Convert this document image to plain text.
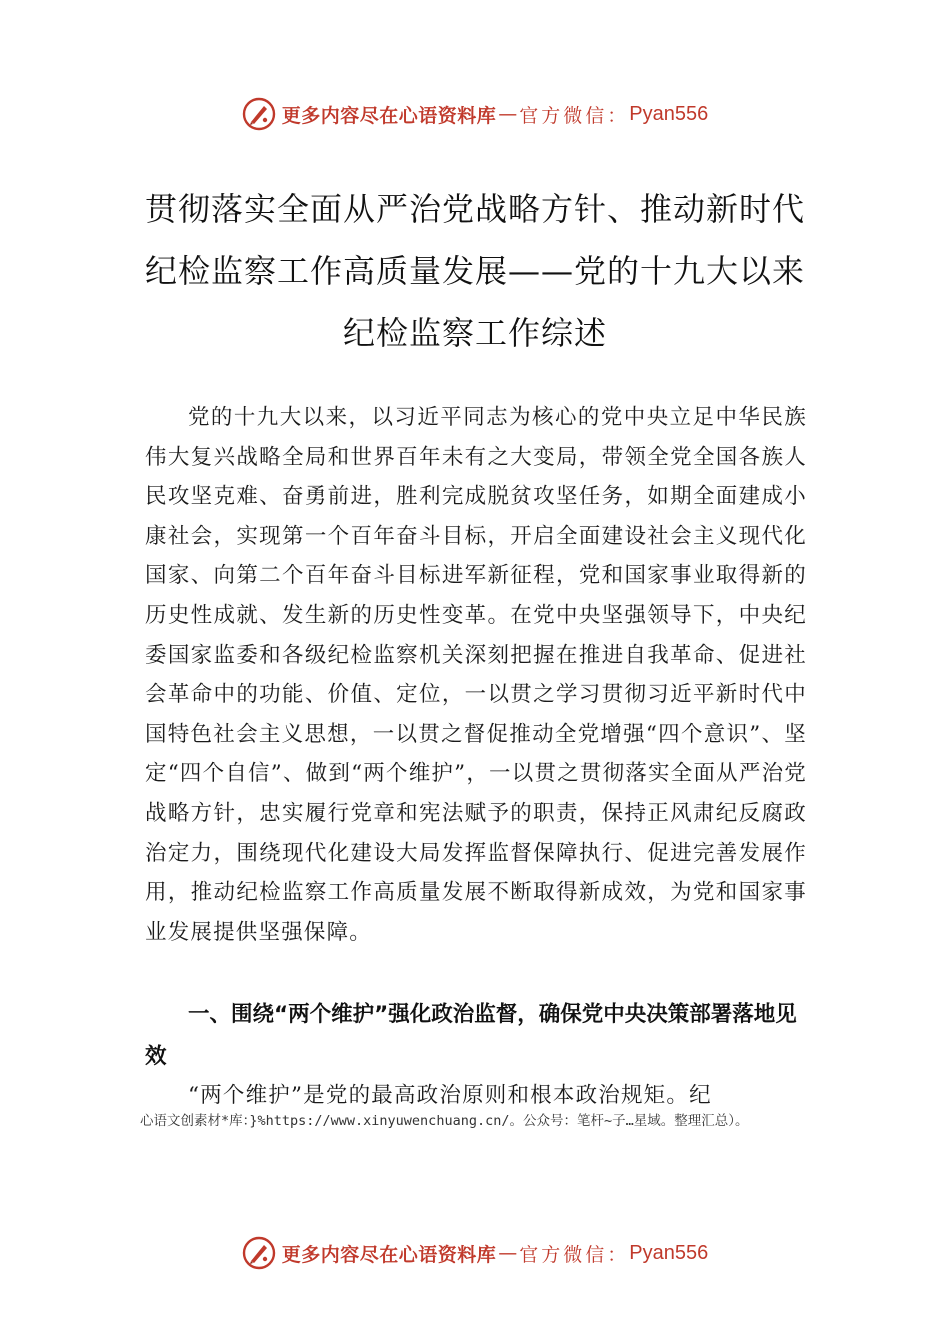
更多内容尽在心语资料库 — 官方微信： Pyan556
贯彻落实全面从严治党战略方针、推动新时代纪检监察工作高质量发展——党的十九大以来纪检监察工作综述

党的十九大以来，以习近平同志为核心的党中央立足中华民族伟大复兴战略全局和世界百年未有之大变局，带领全党全国各族人民攻坚克难、奋勇前进，胜利完成脱贫攻坚任务，如期全面建成小康社会，实现第一个百年奋斗目标，开启全面建设社会主义现代化国家、向第二个百年奋斗目标进军新征程，党和国家事业取得新的历史性成就、发生新的历史性变革。在党中央坚强领导下，中央纪委国家监委和各级纪检监察机关深刻把握在推进自我革命、促进社会革命中的功能、价值、定位，一以贯之学习贯彻习近平新时代中国特色社会主义思想，一以贯之督促推动全党增强“四个意识”、坚定“四个自信”、做到“两个维护”，一以贯之贯彻落实全面从严治党战略方针，忠实履行党章和宪法赋予的职责，保持正风肃纪反腐政治定力，围绕现代化建设大局发挥监督保障执行、促进完善发展作用，推动纪检监察工作高质量发展不断取得新成效，为党和国家事业发展提供坚强保障。

一、围绕“两个维护”强化政治监督，确保党中央决策部署落地见效

“两个维护”是党的最高政治原则和根本政治规矩。纪

心语文创素材*库：}%https://www.xinyuwenchuang.cn/。公众号：笔杆~子…星域。整理汇总）。

更多内容尽在心语资料库 — 官方微信： Pyan556
